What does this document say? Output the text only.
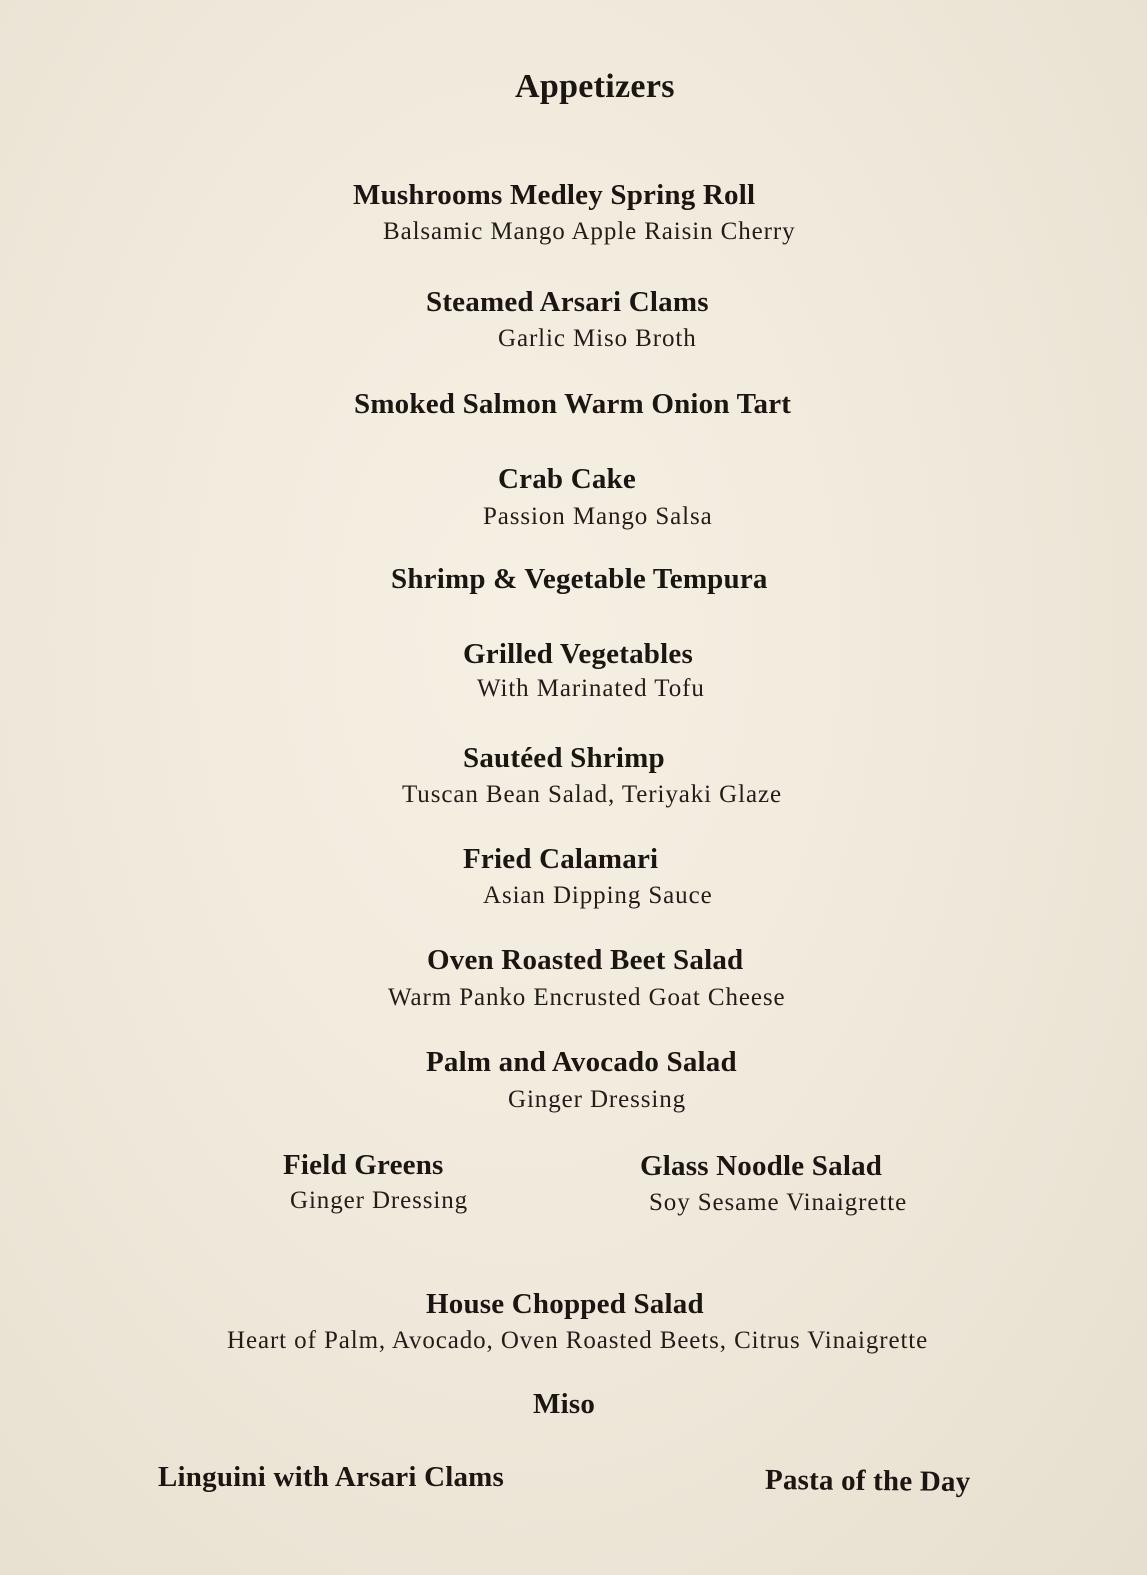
Appetizers
Mushrooms Medley Spring Roll
Balsamic Mango Apple Raisin Cherry
Steamed Arsari Clams
Garlic Miso Broth
Smoked Salmon Warm Onion Tart
Crab Cake
Passion Mango Salsa
Shrimp & Vegetable Tempura
Grilled Vegetables
With Marinated Tofu
Sautéed Shrimp
Tuscan Bean Salad, Teriyaki Glaze
Fried Calamari
Asian Dipping Sauce
Oven Roasted Beet Salad
Warm Panko Encrusted Goat Cheese
Palm and Avocado Salad
Ginger Dressing
Field Greens
Ginger Dressing
Glass Noodle Salad
Soy Sesame Vinaigrette
House Chopped Salad
Heart of Palm, Avocado, Oven Roasted Beets, Citrus Vinaigrette
Miso
Linguini with Arsari Clams	Pasta of the Day
